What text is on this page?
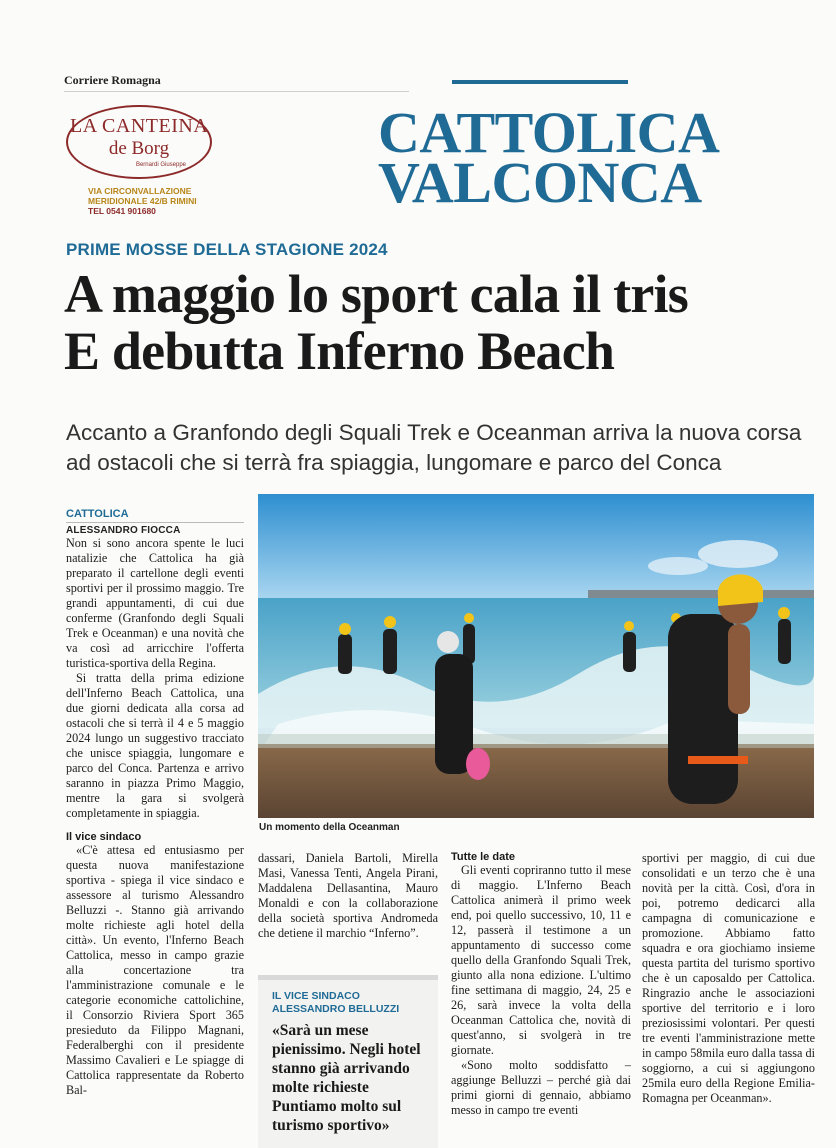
Corriere Romagna
LA CANTEINA
de Borg
Bernardi Giuseppe
VIA CIRCONVALLAZIONE
MERIDIONALE 42/B RIMINI
TEL 0541 901680
CATTOLICA
VALCONCA
PRIME MOSSE DELLA STAGIONE 2024
A maggio lo sport cala il tris
E debutta Inferno Beach
Accanto a Granfondo degli Squali Trek e Oceanman arriva la nuova corsa ad ostacoli che si terrà fra spiaggia, lungomare e parco del Conca
CATTOLICA
ALESSANDRO FIOCCA

Non si sono ancora spente le luci natalizie che Cattolica ha già preparato il cartellone degli eventi sportivi per il prossimo maggio. Tre grandi appuntamenti, di cui due conferme (Granfondo degli Squali Trek e Oceanman) e una novità che va così ad arricchire l'offerta turistica-sportiva della Regina.

Si tratta della prima edizione dell'Inferno Beach Cattolica, una due giorni dedicata alla corsa ad ostacoli che si terrà il 4 e 5 maggio 2024 lungo un suggestivo tracciato che unisce spiaggia, lungomare e parco del Conca. Partenza e arrivo saranno in piazza Primo Maggio, mentre la gara si svolgerà completamente in spiaggia.

Il vice sindaco

«C'è attesa ed entusiasmo per questa nuova manifestazione sportiva - spiega il vice sindaco e assessore al turismo Alessandro Belluzzi -. Stanno già arrivando molte richieste agli hotel della città». Un evento, l'Inferno Beach Cattolica, messo in campo grazie alla concertazione tra l'amministrazione comunale e le categorie economiche cattolichine, il Consorzio Riviera Sport 365 presieduto da Filippo Magnani, Federalberghi con il presidente Massimo Cavalieri e Le spiagge di Cattolica rappresentate da Roberto Bal-

Un momento della Oceanman

dassari, Daniela Bartoli, Mirella Masi, Vanessa Tenti, Angela Pirani, Maddalena Dellasantina, Mauro Monaldi e con la collaborazione della società sportiva Andromeda che detiene il marchio “Inferno”.

IL VICE SINDACO
ALESSANDRO BELLUZZI
«Sarà un mese pienissimo. Negli hotel stanno già arrivando molte richieste Puntiamo molto sul turismo sportivo»
Tutte le date

Gli eventi copriranno tutto il mese di maggio. L'Inferno Beach Cattolica animerà il primo week end, poi quello successivo, 10, 11 e 12, passerà il testimone a un appuntamento di successo come quello della Granfondo Squali Trek, giunto alla nona edizione. L'ultimo fine settimana di maggio, 24, 25 e 26, sarà invece la volta della Oceanman Cattolica che, novità di quest'anno, si svolgerà in tre giornate.

«Sono molto soddisfatto – aggiunge Belluzzi – perché già dai primi giorni di gennaio, abbiamo messo in campo tre eventi

sportivi per maggio, di cui due consolidati e un terzo che è una novità per la città. Così, d'ora in poi, potremo dedicarci alla campagna di comunicazione e promozione. Abbiamo fatto squadra e ora giochiamo insieme questa partita del turismo sportivo che è un caposaldo per Cattolica. Ringrazio anche le associazioni sportive del territorio e i loro preziosissimi volontari. Per questi tre eventi l'amministrazione mette in campo 58mila euro dalla tassa di soggiorno, a cui si aggiungono 25mila euro della Regione Emilia-Romagna per Oceanman».
